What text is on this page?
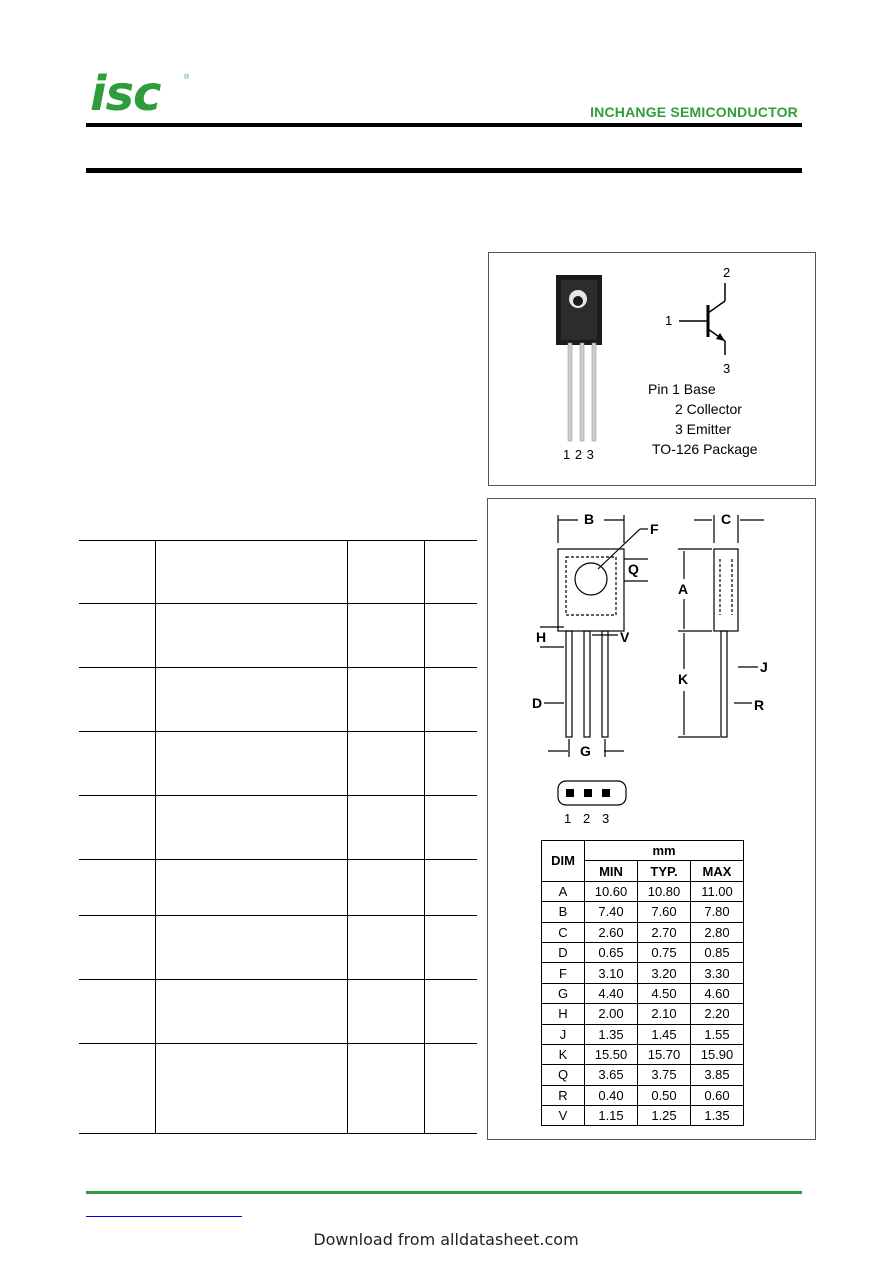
isc	®
INCHANGE SEMICONDUCTOR
2
1
3
Pin 1 Base
2 Collector
3 Emitter
TO-126 Package
1 2 3
B
F
C
Q
A
H	V
J
K
D	R
G
1 2 3
DIM	mm		
	MIN	TYP.	MAX
A	10.60	10.80	11.00
B	7.40	7.60	7.80
C	2.60	2.70	2.80
D	0.65	0.75	0.85
F	3.10	3.20	3.30
G	4.40	4.50	4.60
H	2.00	2.10	2.20
J	1.35	1.45	1.55
K	15.50	15.70	15.90
Q	3.65	3.75	3.85
R	0.40	0.50	0.60
V	1.15	1.25	1.35
Download from alldatasheet.com
